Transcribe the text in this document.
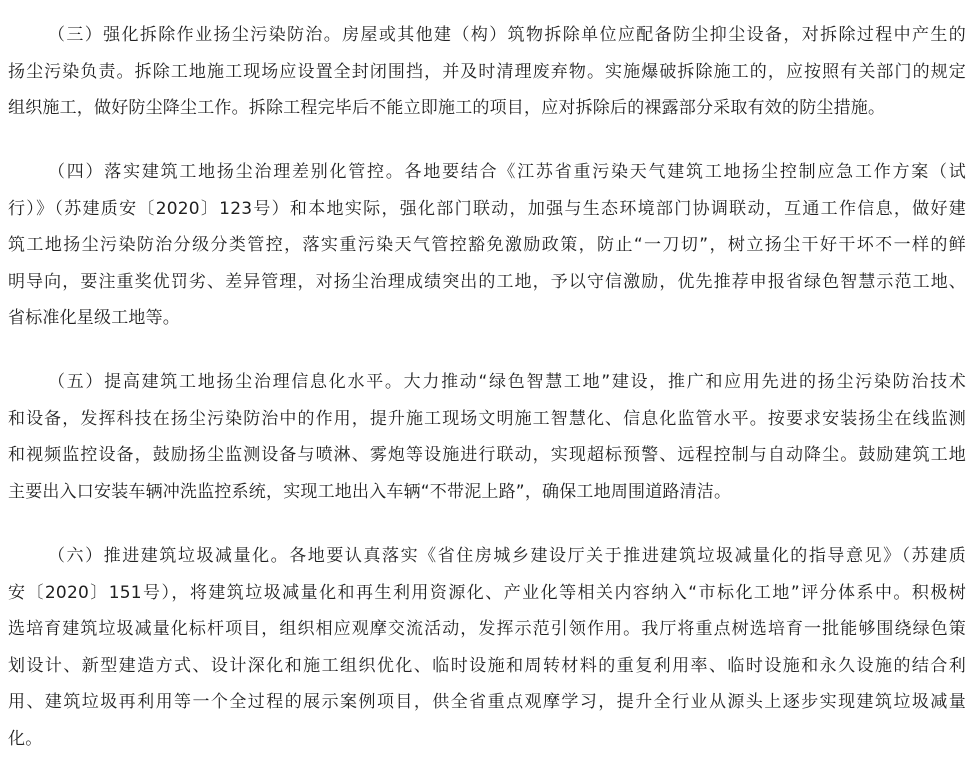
（三）强化拆除作业扬尘污染防治。房屋或其他建（构）筑物拆除单位应配备防尘抑尘设备，对拆除过程中产生的
扬尘污染负责。拆除工地施工现场应设置全封闭围挡，并及时清理废弃物。实施爆破拆除施工的，应按照有关部门的规定
组织施工，做好防尘降尘工作。拆除工程完毕后不能立即施工的项目，应对拆除后的裸露部分采取有效的防尘措施。

（四）落实建筑工地扬尘治理差别化管控。各地要结合《江苏省重污染天气建筑工地扬尘控制应急工作方案（试
行）》（苏建质安〔2020〕123号）和本地实际，强化部门联动，加强与生态环境部门协调联动，互通工作信息，做好建
筑工地扬尘污染防治分级分类管控，落实重污染天气管控豁免激励政策，防止“一刀切”，树立扬尘干好干坏不一样的鲜
明导向，要注重奖优罚劣、差异管理，对扬尘治理成绩突出的工地，予以守信激励，优先推荐申报省绿色智慧示范工地、
省标准化星级工地等。

（五）提高建筑工地扬尘治理信息化水平。大力推动“绿色智慧工地”建设，推广和应用先进的扬尘污染防治技术
和设备，发挥科技在扬尘污染防治中的作用，提升施工现场文明施工智慧化、信息化监管水平。按要求安装扬尘在线监测
和视频监控设备，鼓励扬尘监测设备与喷淋、雾炮等设施进行联动，实现超标预警、远程控制与自动降尘。鼓励建筑工地
主要出入口安装车辆冲洗监控系统，实现工地出入车辆“不带泥上路”，确保工地周围道路清洁。

（六）推进建筑垃圾减量化。各地要认真落实《省住房城乡建设厅关于推进建筑垃圾减量化的指导意见》（苏建质
安〔2020〕151号），将建筑垃圾减量化和再生利用资源化、产业化等相关内容纳入“市标化工地”评分体系中。积极树
选培育建筑垃圾减量化标杆项目，组织相应观摩交流活动，发挥示范引领作用。我厅将重点树选培育一批能够围绕绿色策
划设计、新型建造方式、设计深化和施工组织优化、临时设施和周转材料的重复利用率、临时设施和永久设施的结合利
用、建筑垃圾再利用等一个全过程的展示案例项目，供全省重点观摩学习，提升全行业从源头上逐步实现建筑垃圾减量
化。
